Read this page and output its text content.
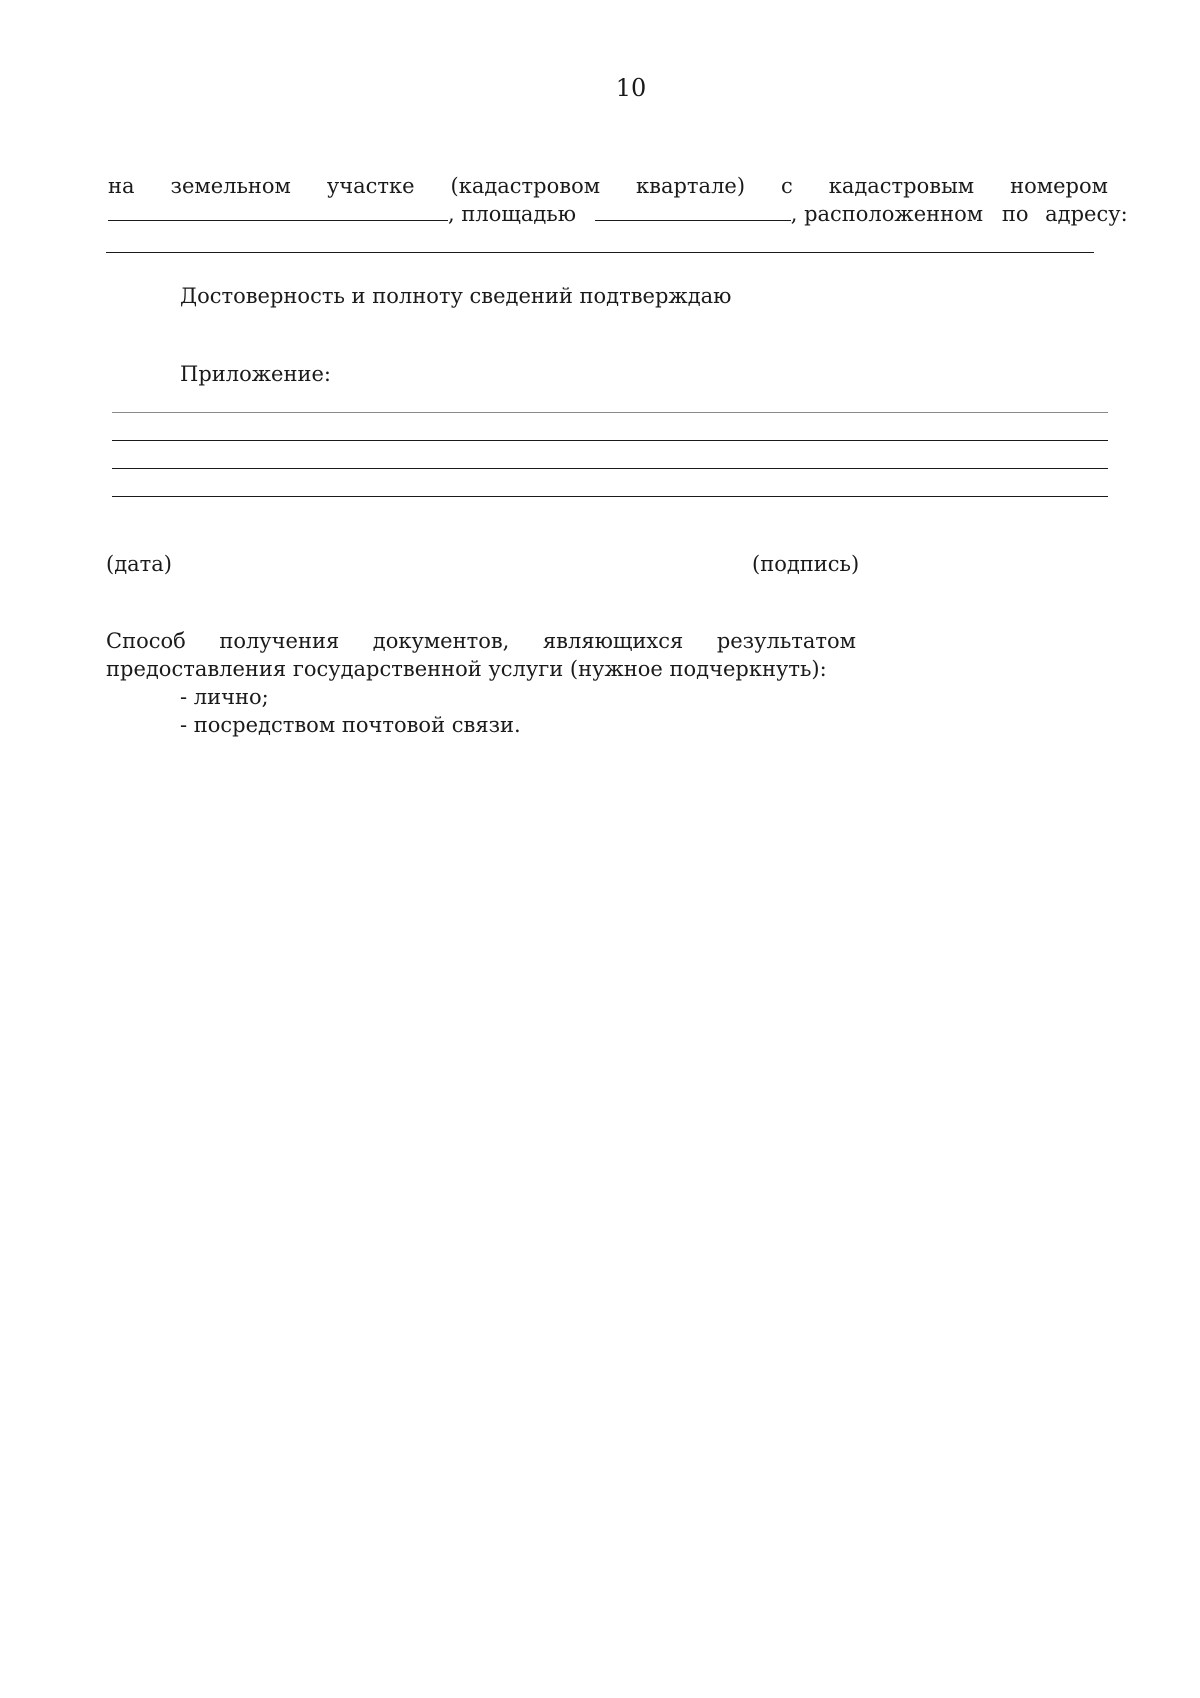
10
на земельном участке (кадастровом квартале) с кадастровым номером
, площадью	, расположенном по адресу:
Достоверность и полноту сведений подтверждаю
Приложение:
(дата)	(подпись)
Способ получения документов, являющихся результатом
предоставления государственной услуги (нужное подчеркнуть):
- лично;
- посредством почтовой связи.
